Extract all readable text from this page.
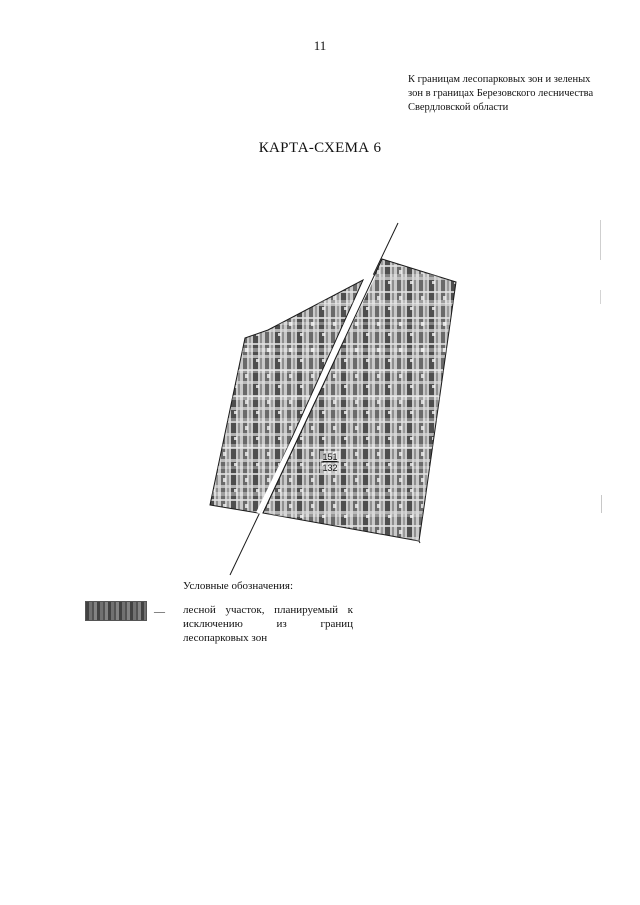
11
К границам лесопарковых зон и зеленых
зон в границах Березовского лесничества
Свердловской области
КАРТА-СХЕМА 6
151
132
Условные обозначения:
— лесной участок, планируемый к
исключению из границ
лесопарковых зон
